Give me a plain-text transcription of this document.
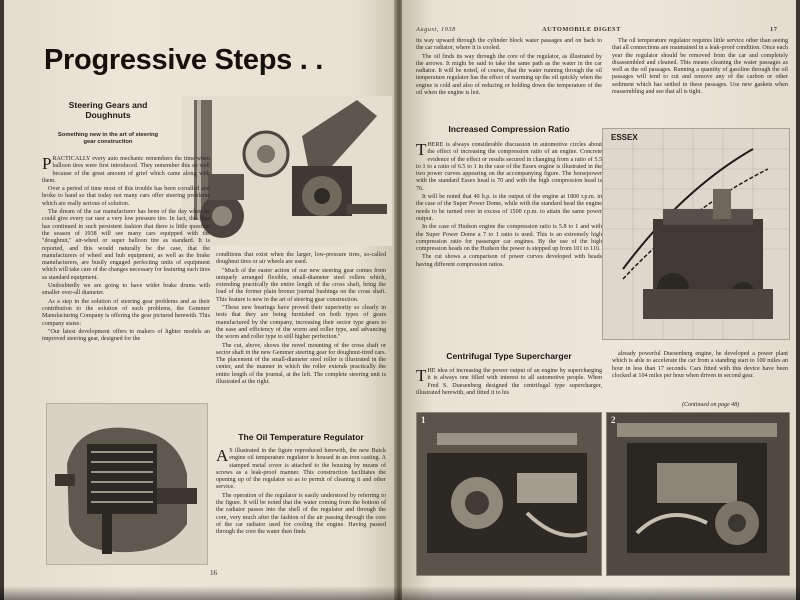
Progressive Steps . .
Steering Gears and
Doughnuts
Something new in the art of steering gear construction
P RACTICALLY every auto mechanic remembers the time when balloon tires were first introduced. They remember this so well because of the great amount of grief which came along with them.

Over a period of time most of this trouble has been corralled and broke to hand so that today not many cars offer steering problems which are really serious of solution.

The dream of the car manufacturer has been of the day when he could give every car user a very low pressure tire. In fact, this idea has continued in such persistent fashion that there is little question the season of 1938 will see many cars equipped with the "doughnut," air-wheel or super balloon tire as standard. It is reported, and this would naturally be the case, that the manufacturers of wheel and hub equipment, as well as the brake manufacturers, are busily engaged perfecting units of equipment which will take care of the changes necessary for featuring such tires as standard equipment.

Undoubtedly we are going to have wider brake drums with smaller over-all diameter.

As a step in the solution of steering gear problems and as their contribution to the solution of such problems, the Gemmer Manufacturing Company is offering the gear pictured herewith. This company states:

"Our latest development offers to makers of lighter models an improved steering gear, designed for the

conditions that exist when the larger, low-pressure tires, so-called doughnut tires or air wheels are used.

"Much of the easier action of our new steering gear comes from uniquely arranged flexible, small-diameter steel rollers which, extending practically the entire length of the cross shaft, bring the load of the former plain bronze journal bushings on the cross shaft. This feature is new in the art of steering gear construction.

"These new bearings have proved their superiority so clearly in tests that they are being furnished on both types of gears manufactured by the company, increasing their sector type gears to the ease and efficiency of the worm and roller type, and advancing the worm and roller type to still higher perfection."

The cut, above, shows the novel mounting of the cross shaft or sector shaft in the new Gemmer steering gear for doughnut-tired cars. The placement of the small-diameter steel roller is illustrated in the center, and the manner in which the roller extends practically the entire length of the journal, at the left. The complete steering unit is illustrated at the right.

The Oil Temperature Regulator
A S illustrated in the figure reproduced herewith, the new Buick engine oil temperature regulator is housed in an iron casting. A stamped metal cover is attached to the housing by means of screws as a leak-proof manner. This construction facilitates the opening up of the regulator so as to permit of cleaning it and other service.

The operation of the regulator is easily understood by referring to the figure. It will be noted that the water coming from the bottom of the radiator passes into the shell of the regulator and through the core, very much after the fashion of the air passing through the core of the car radiator used for cooling the engine. Having passed through the core the water then finds

16
August, 1938	AUTOMOBILE DIGEST	17

its way upward through the cylinder block water passages and on back to the car radiator, where it is cooled.

The oil finds its way through the core of the regulator, as illustrated by the arrows. It might be said to take the same path as the water in the car radiator. It will be noted, of course, that the water running through the oil temperature regulator has the effect of warming up the oil quickly when the engine is cold and also of reducing or holding down the temperature of the oil when the engine is hot.

The oil temperature regulator requires little service other than seeing that all connections are maintained in a leak-proof condition. Once each year the regulator should be removed from the car and completely disassembled and cleaned. This means cleaning the water passages as well as the oil passages. Running a quantity of gasoline through the oil passages will tend to cut and remove any of the carbon or other sediment which has settled in these passages. Use new gaskets when reassembling and see that all is tight.

Increased Compression Ratio
T HERE is always considerable discussion in automotive circles about the effect of increasing the compression ratio of an engine. Concrete evidence of the effect or results secured in changing from a ratio of 5.5 to 1 to a ratio of 6.5 to 1 in the case of the Essex engine is illustrated in the two power curves appearing on the accompanying figure. The horsepower with the standard Essex head is 70 and with the high compression head is 76.

It will be noted that 40 h.p. is the output of the engine at 1800 r.p.m. in the case of the Super Power Dome, while with the standard head the engine needs to be turned over in excess of 1500 r.p.m. to attain the same power output.

In the case of Hudson engine the compression ratio is 5.8 to 1 and with the Super Power Dome a 7 to 1 ratio is used. This is an extremely high compression ratio for passenger car engines. By the use of the high compression heads on the Hudson the power is stepped up from 101 to 110.

The cut shows a comparison of power curves developed with heads having different compression ratios.

ESSEX
Centrifugal Type Supercharger
T HE idea of increasing the power output of an engine by supercharging it is always one filled with interest to all automotive people. When Fred S. Duesenberg designed the centrifugal type supercharger, illustrated herewith, and fitted it to his

already powerful Duesenberg engine, he developed a power plant which is able to accelerate the car from a standing start to 100 miles an hour in less than 17 seconds. Cars fitted with this device have been clocked at 104 miles per hour when driven in second gear.

(Continued on page 48)
1	2
